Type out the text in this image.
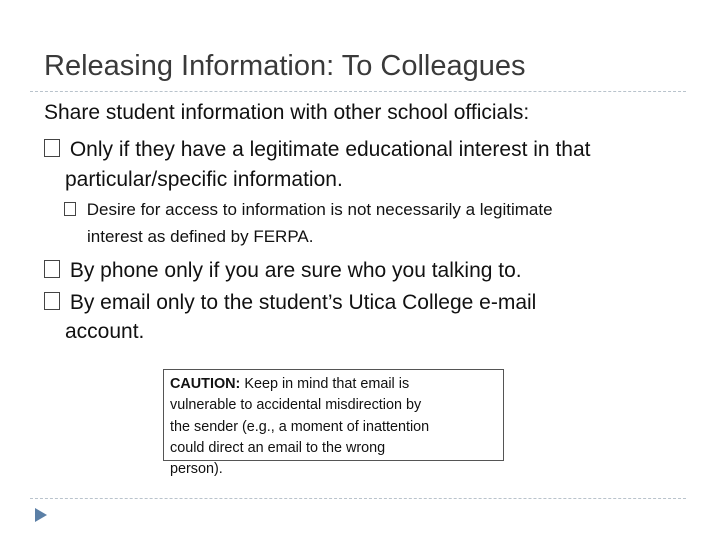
Releasing Information: To Colleagues
Share student information with other school officials:
Only if they have a legitimate educational interest in that
particular/specific information.
Desire for access to information is not necessarily a legitimate
interest as defined by FERPA.
By phone only if you are sure who you talking to.
By email only to the student’s Utica College e-mail
account.
CAUTION: Keep in mind that email is
vulnerable to accidental misdirection by
the sender (e.g., a moment of inattention
could direct an email to the wrong
person).
